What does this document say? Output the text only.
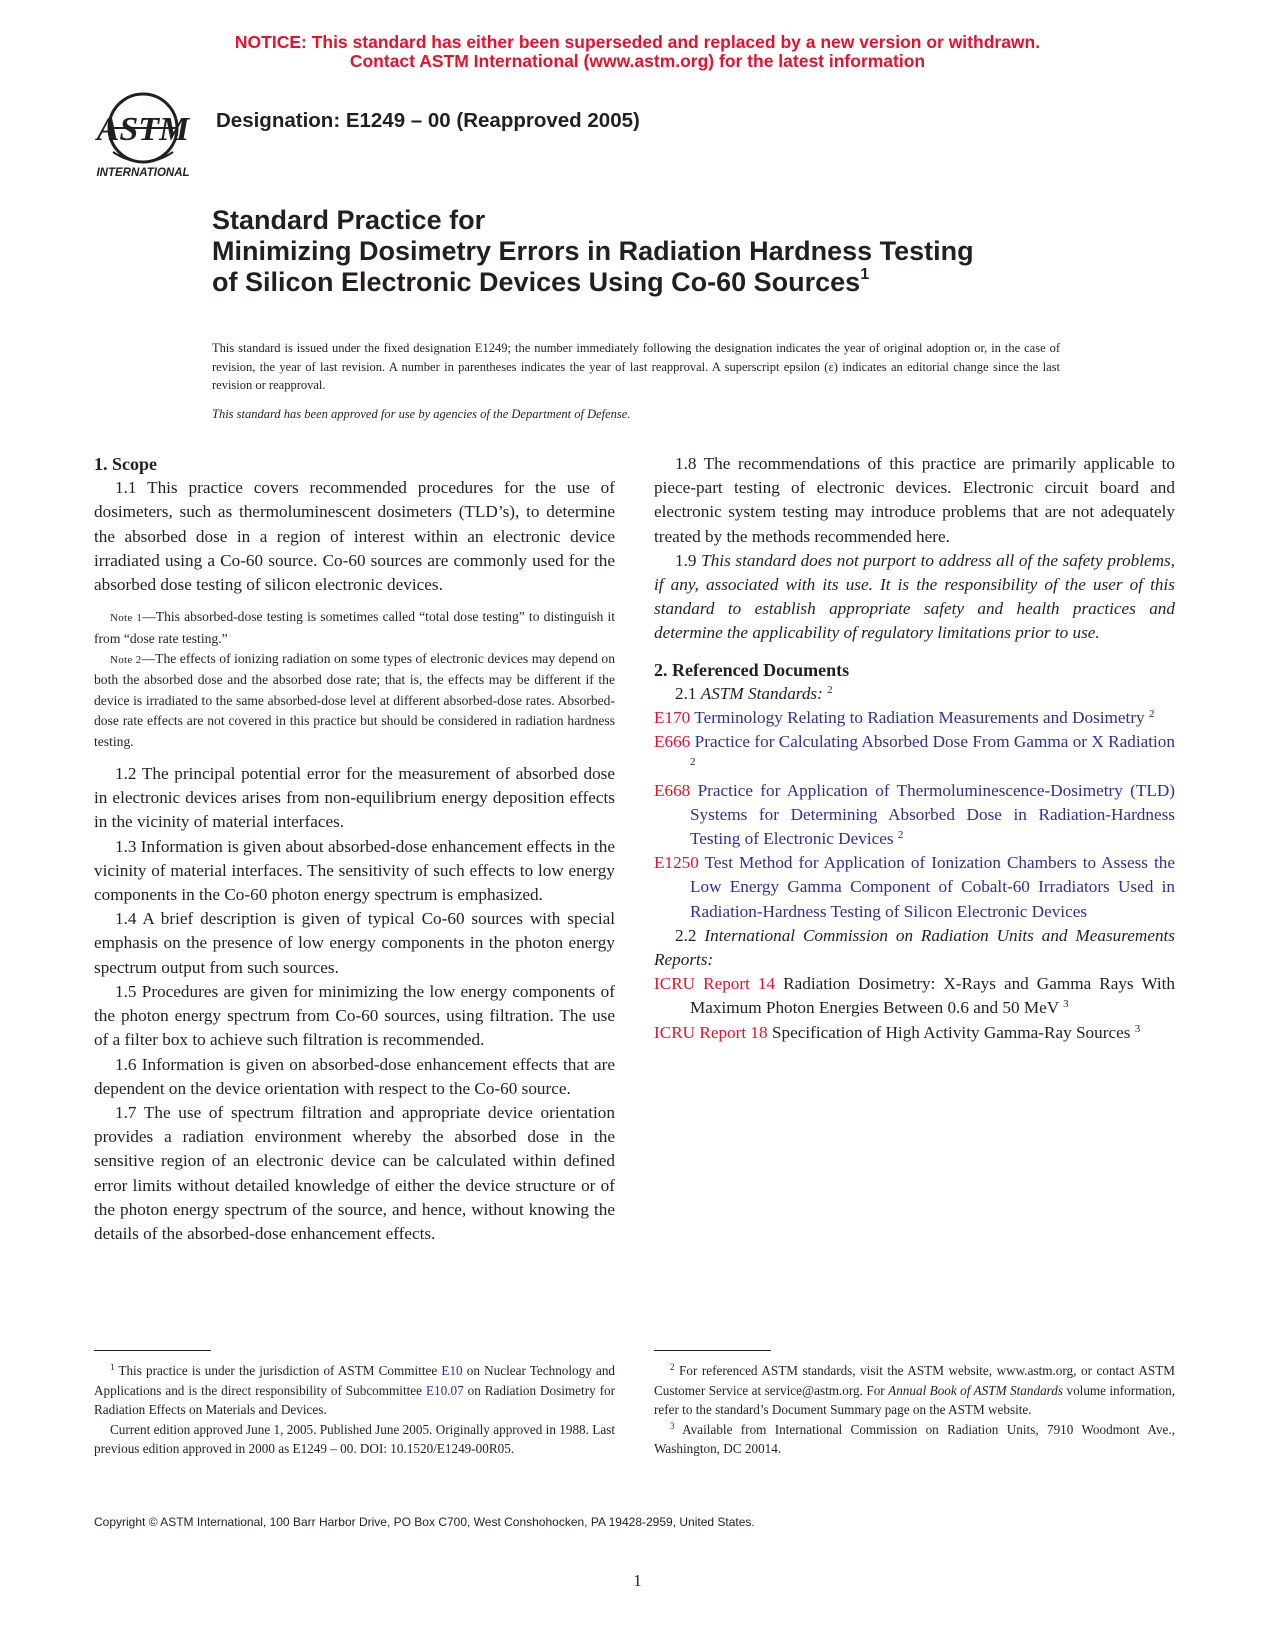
NOTICE: This standard has either been superseded and replaced by a new version or withdrawn.
Contact ASTM International (www.astm.org) for the latest information
ASTM
INTERNATIONAL
Designation: E1249 – 00 (Reapproved 2005)
Standard Practice for
Minimizing Dosimetry Errors in Radiation Hardness Testing
of Silicon Electronic Devices Using Co-60 Sources$^1$
This standard is issued under the fixed designation E1249; the number immediately following the designation indicates the year of original adoption or, in the case of revision, the year of last revision. A number in parentheses indicates the year of last reapproval. A superscript epsilon (ε) indicates an editorial change since the last revision or reapproval.
This standard has been approved for use by agencies of the Department of Defense.

1. Scope

1.1 This practice covers recommended procedures for the use of dosimeters, such as thermoluminescent dosimeters (TLD’s), to determine the absorbed dose in a region of interest within an electronic device irradiated using a Co-60 source. Co-60 sources are commonly used for the absorbed dose testing of silicon electronic devices.

Note 1—This absorbed-dose testing is sometimes called “total dose testing” to distinguish it from “dose rate testing.”

Note 2—The effects of ionizing radiation on some types of electronic devices may depend on both the absorbed dose and the absorbed dose rate; that is, the effects may be different if the device is irradiated to the same absorbed-dose level at different absorbed-dose rates. Absorbed-dose rate effects are not covered in this practice but should be considered in radiation hardness testing.

1.2 The principal potential error for the measurement of absorbed dose in electronic devices arises from non-equilibrium energy deposition effects in the vicinity of material interfaces.

1.3 Information is given about absorbed-dose enhancement effects in the vicinity of material interfaces. The sensitivity of such effects to low energy components in the Co-60 photon energy spectrum is emphasized.

1.4 A brief description is given of typical Co-60 sources with special emphasis on the presence of low energy components in the photon energy spectrum output from such sources.

1.5 Procedures are given for minimizing the low energy components of the photon energy spectrum from Co-60 sources, using filtration. The use of a filter box to achieve such filtration is recommended.

1.6 Information is given on absorbed-dose enhancement effects that are dependent on the device orientation with respect to the Co-60 source.

1.7 The use of spectrum filtration and appropriate device orientation provides a radiation environment whereby the absorbed dose in the sensitive region of an electronic device can be calculated within defined error limits without detailed knowledge of either the device structure or of the photon energy spectrum of the source, and hence, without knowing the details of the absorbed-dose enhancement effects.

1.8 The recommendations of this practice are primarily applicable to piece-part testing of electronic devices. Electronic circuit board and electronic system testing may introduce problems that are not adequately treated by the methods recommended here.

1.9 This standard does not purport to address all of the safety problems, if any, associated with its use. It is the responsibility of the user of this standard to establish appropriate safety and health practices and determine the applicability of regulatory limitations prior to use.

2. Referenced Documents

2.1 ASTM Standards: $^2$

E170 Terminology Relating to Radiation Measurements and Dosimetry $^2$

E666 Practice for Calculating Absorbed Dose From Gamma or X Radiation $^2$

E668 Practice for Application of Thermoluminescence-Dosimetry (TLD) Systems for Determining Absorbed Dose in Radiation-Hardness Testing of Electronic Devices $^2$

E1250 Test Method for Application of Ionization Chambers to Assess the Low Energy Gamma Component of Cobalt-60 Irradiators Used in Radiation-Hardness Testing of Silicon Electronic Devices

2.2 International Commission on Radiation Units and Measurements Reports:

ICRU Report 14 Radiation Dosimetry: X-Rays and Gamma Rays With Maximum Photon Energies Between 0.6 and 50 MeV $^3$

ICRU Report 18 Specification of High Activity Gamma-Ray Sources $^3$

$^1$ This practice is under the jurisdiction of ASTM Committee E10 on Nuclear Technology and Applications and is the direct responsibility of Subcommittee E10.07 on Radiation Dosimetry for Radiation Effects on Materials and Devices.

Current edition approved June 1, 2005. Published June 2005. Originally approved in 1988. Last previous edition approved in 2000 as E1249 – 00. DOI: 10.1520/E1249-00R05.

$^2$ For referenced ASTM standards, visit the ASTM website, www.astm.org, or contact ASTM Customer Service at service@astm.org. For Annual Book of ASTM Standards volume information, refer to the standard’s Document Summary page on the ASTM website.

$^3$ Available from International Commission on Radiation Units, 7910 Woodmont Ave., Washington, DC 20014.

Copyright © ASTM International, 100 Barr Harbor Drive, PO Box C700, West Conshohocken, PA 19428-2959, United States.
1
